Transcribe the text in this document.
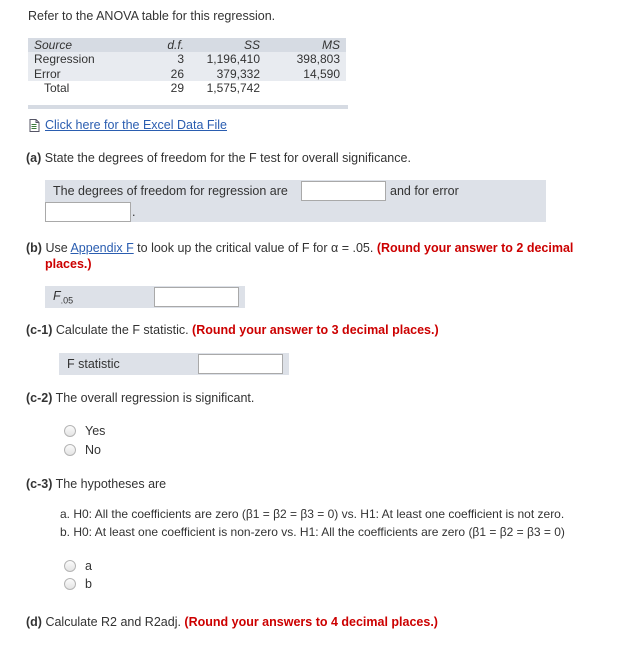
Refer to the ANOVA table for this regression.
Source	d.f.	SS	MS
Regression	3	1,196,410	398,803
Error	26	379,332	14,590
Total	29	1,575,742
Click here for the Excel Data File
(a) State the degrees of freedom for the F test for overall significance.
The degrees of freedom for regression are	and for error
.
(b) Use Appendix F to look up the critical value of F for α = .05. (Round your answer to 2 decimal
places.)
$F_{.05}$
(c-1) Calculate the F statistic. (Round your answer to 3 decimal places.)
F statistic
(c-2) The overall regression is significant.
Yes
No
(c-3) The hypotheses are
a. H0: All the coefficients are zero (β1 = β2 = β3 = 0) vs. H1: At least one coefficient is not zero.
b. H0: At least one coefficient is non-zero vs. H1: All the coefficients are zero (β1 = β2 = β3 = 0)
a
b
(d) Calculate R2 and R2adj. (Round your answers to 4 decimal places.)
